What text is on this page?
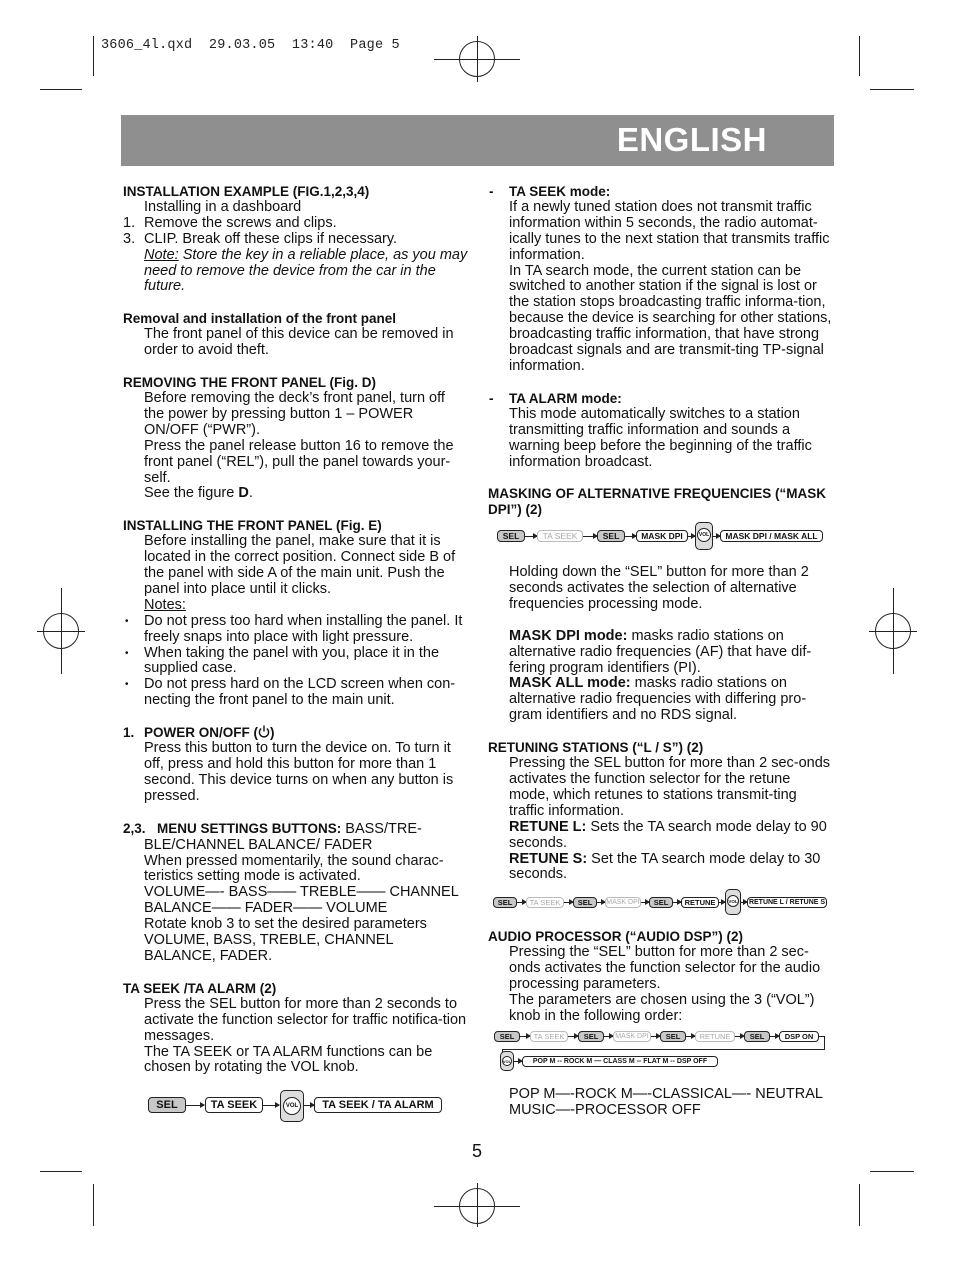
3606_4l.qxd  29.03.05  13:40  Page 5
ENGLISH

INSTALLATION EXAMPLE (FIG.1,2,3,4)

Installing in a dashboard

1. Remove the screws and clips.

3. CLIP. Break off these clips if necessary.

Note: Store the key in a reliable place, as you may need to remove the device from the car in the future.

Removal and installation of the front panel

The front panel of this device can be removed in order to avoid theft.

REMOVING THE FRONT PANEL (Fig. D)

Before removing the deck’s front panel, turn off the power by pressing button 1 – POWER ON/OFF (“PWR”).

Press the panel release button 16 to remove the front panel (“REL”), pull the panel towards your-self.

See the figure D.

INSTALLING THE FRONT PANEL (Fig. E)

Before installing the panel, make sure that it is located in the correct position. Connect side B of the panel with side A of the main unit. Push the panel into place until it clicks.

Notes:

• Do not press too hard when installing the panel. It freely snaps into place with light pressure.

• When taking the panel with you, place it in the supplied case.

• Do not press hard on the LCD screen when con-necting the front panel to the main unit.

1. POWER ON/OFF ( )

Press this button to turn the device on. To turn it off, press and hold this button for more than 1 second. This device turns on when any button is pressed.

2,3. MENU SETTINGS BUTTONS: BASS/TRE-BLE/CHANNEL BALANCE/ FADER

When pressed momentarily, the sound charac-teristics setting mode is activated.

VOLUME—- BASS—— TREBLE—— CHANNEL BALANCE—— FADER—— VOLUME

Rotate knob 3 to set the desired parameters VOLUME, BASS, TREBLE, CHANNEL BALANCE, FADER.

TA SEEK /TA ALARM (2)

Press the SEL button for more than 2 seconds to activate the function selector for traffic notifica-tion messages.

The TA SEEK or TA ALARM functions can be chosen by rotating the VOL knob.

SEL	TA SEEK	VOL	TA SEEK / TA ALARM

- TA SEEK mode:

If a newly tuned station does not transmit traffic information within 5 seconds, the radio automat-ically tunes to the next station that transmits traffic information.

In TA search mode, the current station can be switched to another station if the signal is lost or the station stops broadcasting traffic informa-tion, because the device is searching for other stations, broadcasting traffic information, that have strong broadcast signals and are transmit-ting TP-signal information.

- TA ALARM mode:

This mode automatically switches to a station transmitting traffic information and sounds a warning beep before the beginning of the traffic information broadcast.

MASKING OF ALTERNATIVE FREQUENCIES (“MASK DPI”) (2)

SEL	TA SEEK	SEL	MASK DPI	VOL	MASK DPI / MASK ALL

Holding down the “SEL” button for more than 2 seconds activates the selection of alternative frequencies processing mode.

MASK DPI mode: masks radio stations on alternative radio frequencies (AF) that have dif-fering program identifiers (PI).

MASK ALL mode: masks radio stations on alternative radio frequencies with differing pro-gram identifiers and no RDS signal.

RETUNING STATIONS (“L / S”) (2)

Pressing the SEL button for more than 2 sec-onds activates the function selector for the retune mode, which retunes to stations transmit-ting traffic information.

RETUNE L: Sets the TA search mode delay to 90 seconds.

RETUNE S: Set the TA search mode delay to 30 seconds.

SEL	TA SEEK	SEL	MASK DPI	SEL	RETUNE	VOL RETUNE L / RETUNE S

AUDIO PROCESSOR (“AUDIO DSP”) (2)

Pressing the “SEL” button for more than 2 sec-onds activates the function selector for the audio processing parameters.

The parameters are chosen using the 3 (“VOL”) knob in the following order:

SEL	TA SEEK	SEL	MASK DPI	SEL	RETUNE	SEL	DSP ON
VOL	POP M -- ROCK M — CLASS M -- FLAT M -- DSP OFF

POP M—-ROCK M—-CLASSICAL—- NEUTRAL MUSIC—-PROCESSOR OFF

5
